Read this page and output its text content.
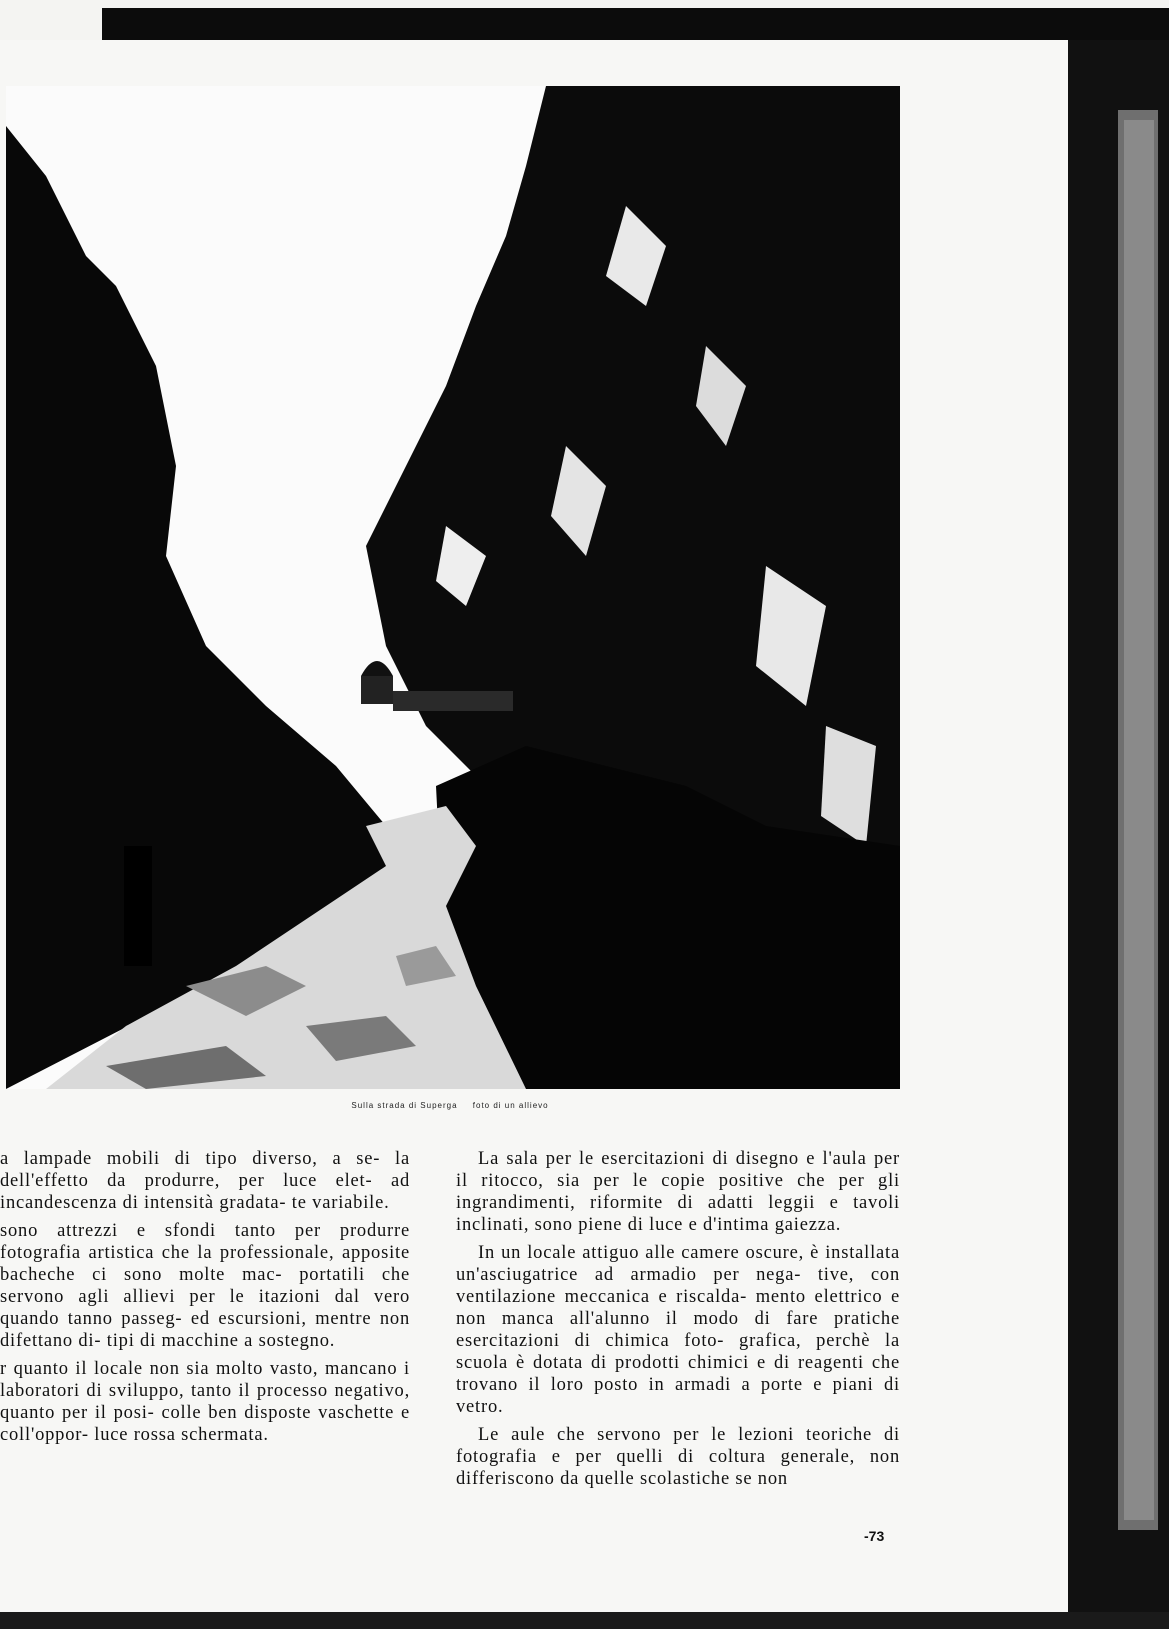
Sulla strada di Superga foto di un allievo

a lampade mobili di tipo diverso, a se- la dell'effetto da produrre, per luce elet- ad incandescenza di intensità gradata- te variabile.

sono attrezzi e sfondi tanto per produrre fotografia artistica che la professionale, apposite bacheche ci sono molte mac- portatili che servono agli allievi per le itazioni dal vero quando tanno passeg- ed escursioni, mentre non difettano di- tipi di macchine a sostegno.

r quanto il locale non sia molto vasto, mancano i laboratori di sviluppo, tanto il processo negativo, quanto per il posi- colle ben disposte vaschette e coll'oppor- luce rossa schermata.

La sala per le esercitazioni di disegno e l'aula per il ritocco, sia per le copie positive che per gli ingrandimenti, riformite di adatti leggii e tavoli inclinati, sono piene di luce e d'intima gaiezza.

In un locale attiguo alle camere oscure, è installata un'asciugatrice ad armadio per nega- tive, con ventilazione meccanica e riscalda- mento elettrico e non manca all'alunno il modo di fare pratiche esercitazioni di chimica foto- grafica, perchè la scuola è dotata di prodotti chimici e di reagenti che trovano il loro posto in armadi a porte e piani di vetro.

Le aule che servono per le lezioni teoriche di fotografia e per quelli di coltura generale, non differiscono da quelle scolastiche se non

-73
